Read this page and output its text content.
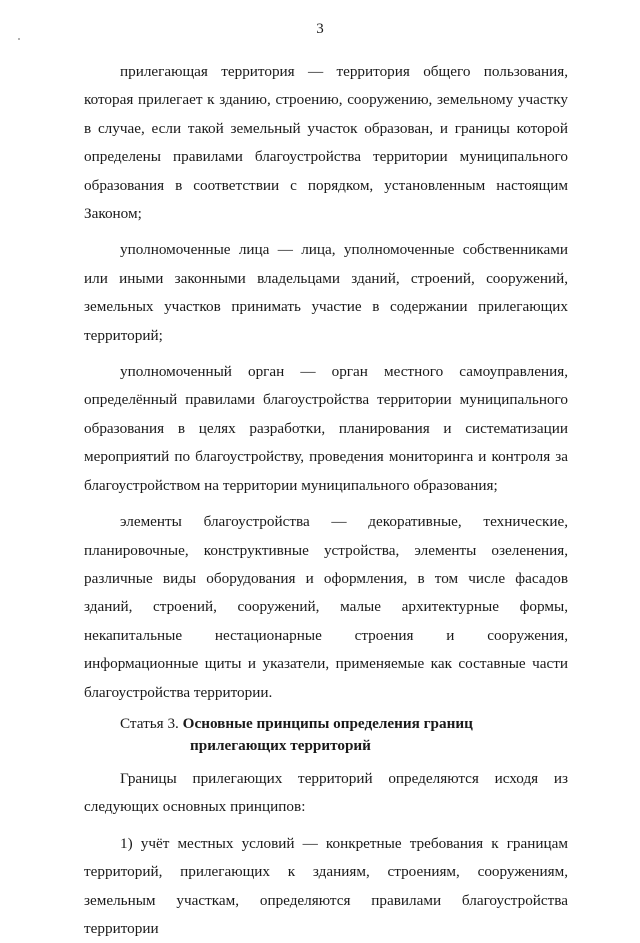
3

прилегающая территория — территория общего пользования, которая прилегает к зданию, строению, сооружению, земельному участку в случае, если такой земельный участок образован, и границы которой определены правилами благоустройства территории муниципального образования в соответствии с порядком, установленным настоящим Законом;

уполномоченные лица — лица, уполномоченные собственниками или иными законными владельцами зданий, строений, сооружений, земельных участков принимать участие в содержании прилегающих территорий;

уполномоченный орган — орган местного самоуправления, определённый правилами благоустройства территории муниципального образования в целях разработки, планирования и систематизации мероприятий по благоустройству, проведения мониторинга и контроля за благоустройством на территории муниципального образования;

элементы благоустройства — декоративные, технические, планировочные, конструктивные устройства, элементы озеленения, различные виды оборудования и оформления, в том числе фасадов зданий, строений, сооружений, малые архитектурные формы, некапитальные нестационарные строения и сооружения, информационные щиты и указатели, применяемые как составные части благоустройства территории.

Статья 3. Основные принципы определения границ
прилегающих территорий

Границы прилегающих территорий определяются исходя из следующих основных принципов:

1) учёт местных условий — конкретные требования к границам территорий, прилегающих к зданиям, строениям, сооружениям, земельным участкам, определяются правилами благоустройства территории
